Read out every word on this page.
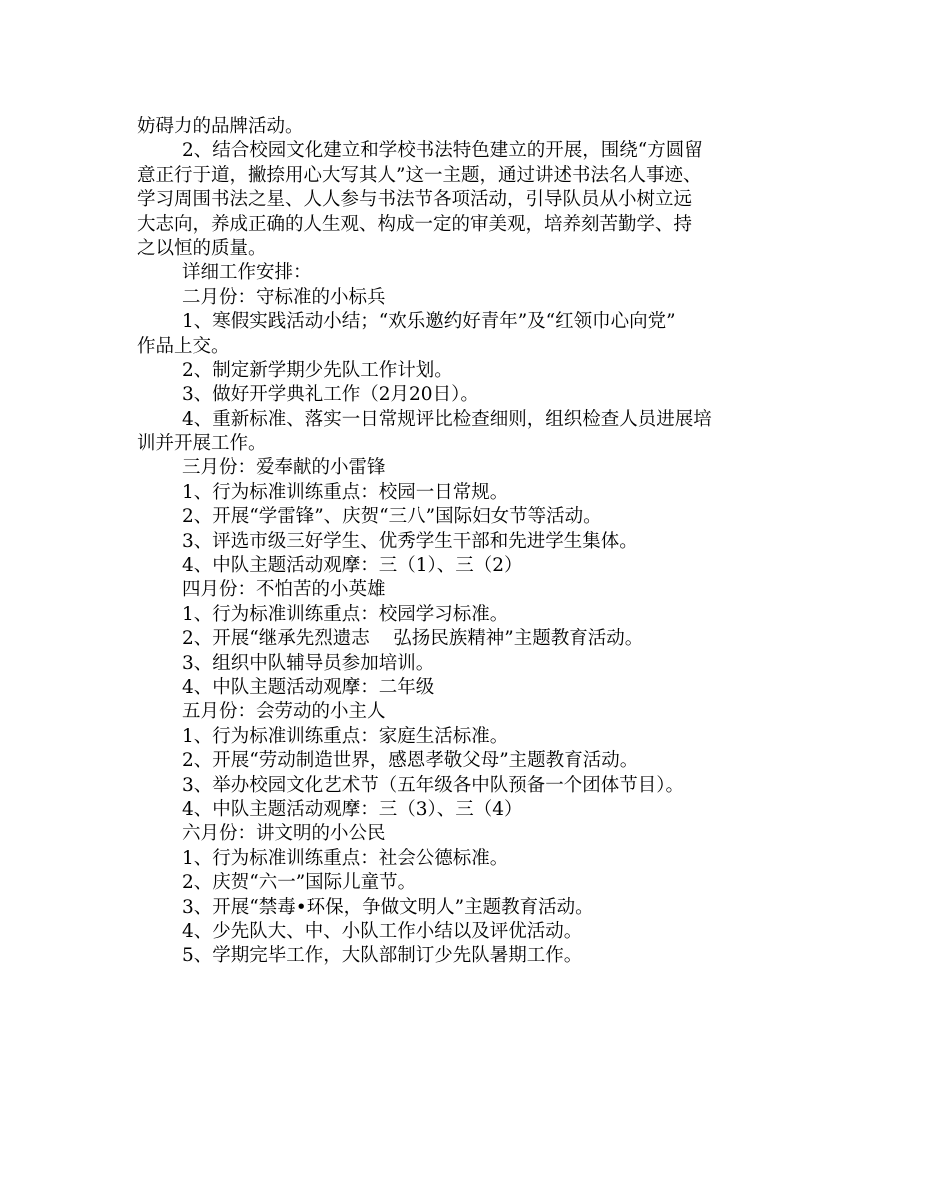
妨碍力的品牌活动。
2、结合校园文化建立和学校书法特色建立的开展，围绕“方圆留
意正行于道，撇捺用心大写其人”这一主题，通过讲述书法名人事迹、
学习周围书法之星、人人参与书法节各项活动，引导队员从小树立远
大志向，养成正确的人生观、构成一定的审美观，培养刻苦勤学、持
之以恒的质量。
详细工作安排：
二月份：守标准的小标兵
1、寒假实践活动小结；“欢乐邀约好青年”及“红领巾心向党”
作品上交。
2、制定新学期少先队工作计划。
3、做好开学典礼工作（2月20日）。
4、重新标准、落实一日常规评比检查细则，组织检查人员进展培
训并开展工作。
三月份：爱奉献的小雷锋
1、行为标准训练重点：校园一日常规。
2、开展“学雷锋”、庆贺“三八”国际妇女节等活动。
3、评选市级三好学生、优秀学生干部和先进学生集体。
4、中队主题活动观摩：三（1）、三（2）
四月份：不怕苦的小英雄
1、行为标准训练重点：校园学习标准。
2、开展“继承先烈遗志    弘扬民族精神”主题教育活动。
3、组织中队辅导员参加培训。
4、中队主题活动观摩：二年级
五月份：会劳动的小主人
1、行为标准训练重点：家庭生活标准。
2、开展“劳动制造世界，感恩孝敬父母”主题教育活动。
3、举办校园文化艺术节（五年级各中队预备一个团体节目）。
4、中队主题活动观摩：三（3）、三（4）
六月份：讲文明的小公民
1、行为标准训练重点：社会公德标准。
2、庆贺“六一”国际儿童节。
3、开展“禁毒•环保，争做文明人”主题教育活动。
4、少先队大、中、小队工作小结以及评优活动。
5、学期完毕工作，大队部制订少先队暑期工作。
